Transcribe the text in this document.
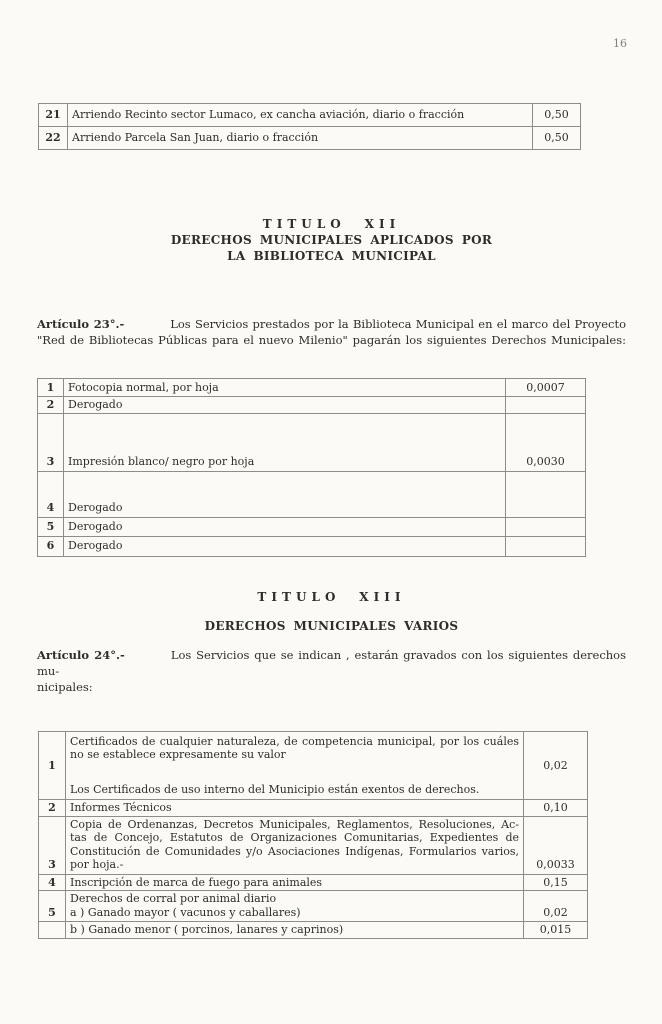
16
21	Arriendo Recinto sector Lumaco, ex cancha aviación, diario o fracción	0,50
22	Arriendo Parcela San Juan, diario o fracción	0,50
TITULO XII
DERECHOS MUNICIPALES APLICADOS POR
LA BIBLIOTECA MUNICIPAL
Artículo 23°.-	Los Servicios prestados por la Biblioteca Municipal en el marco del Proyecto
"Red de Bibliotecas Públicas para el nuevo Milenio" pagarán los siguientes Derechos Municipales:
1	Fotocopia normal, por hoja	0,0007
2	Derogado	
3	Impresión blanco/ negro por hoja	0,0030
4	Derogado	
5	Derogado	
6	Derogado	
TITULO XIII
DERECHOS MUNICIPALES VARIOS
Artículo 24°.-	Los Servicios que se indican , estarán gravados con los siguientes derechos mu-
nicipales:
1	Certificados de cualquier naturaleza, de competencia municipal, por los cuáles
no se establece expresamente su valor
Los Certificados de uso interno del Municipio están exentos de derechos.	0,02
2	Informes Técnicos	0,10
3	Copia de Ordenanzas, Decretos Municipales, Reglamentos, Resoluciones, Ac-
tas de Concejo, Estatutos de Organizaciones Comunitarias, Expedientes de
Constitución de Comunidades y/o Asociaciones Indígenas, Formularios varios,
por hoja.-	0,0033
4	Inscripción de marca de fuego para animales	0,15
5	Derechos de corral por animal diario
a ) Ganado mayor ( vacunos y caballares)	0,02
	b ) Ganado menor ( porcinos, lanares y caprinos)	0,015
